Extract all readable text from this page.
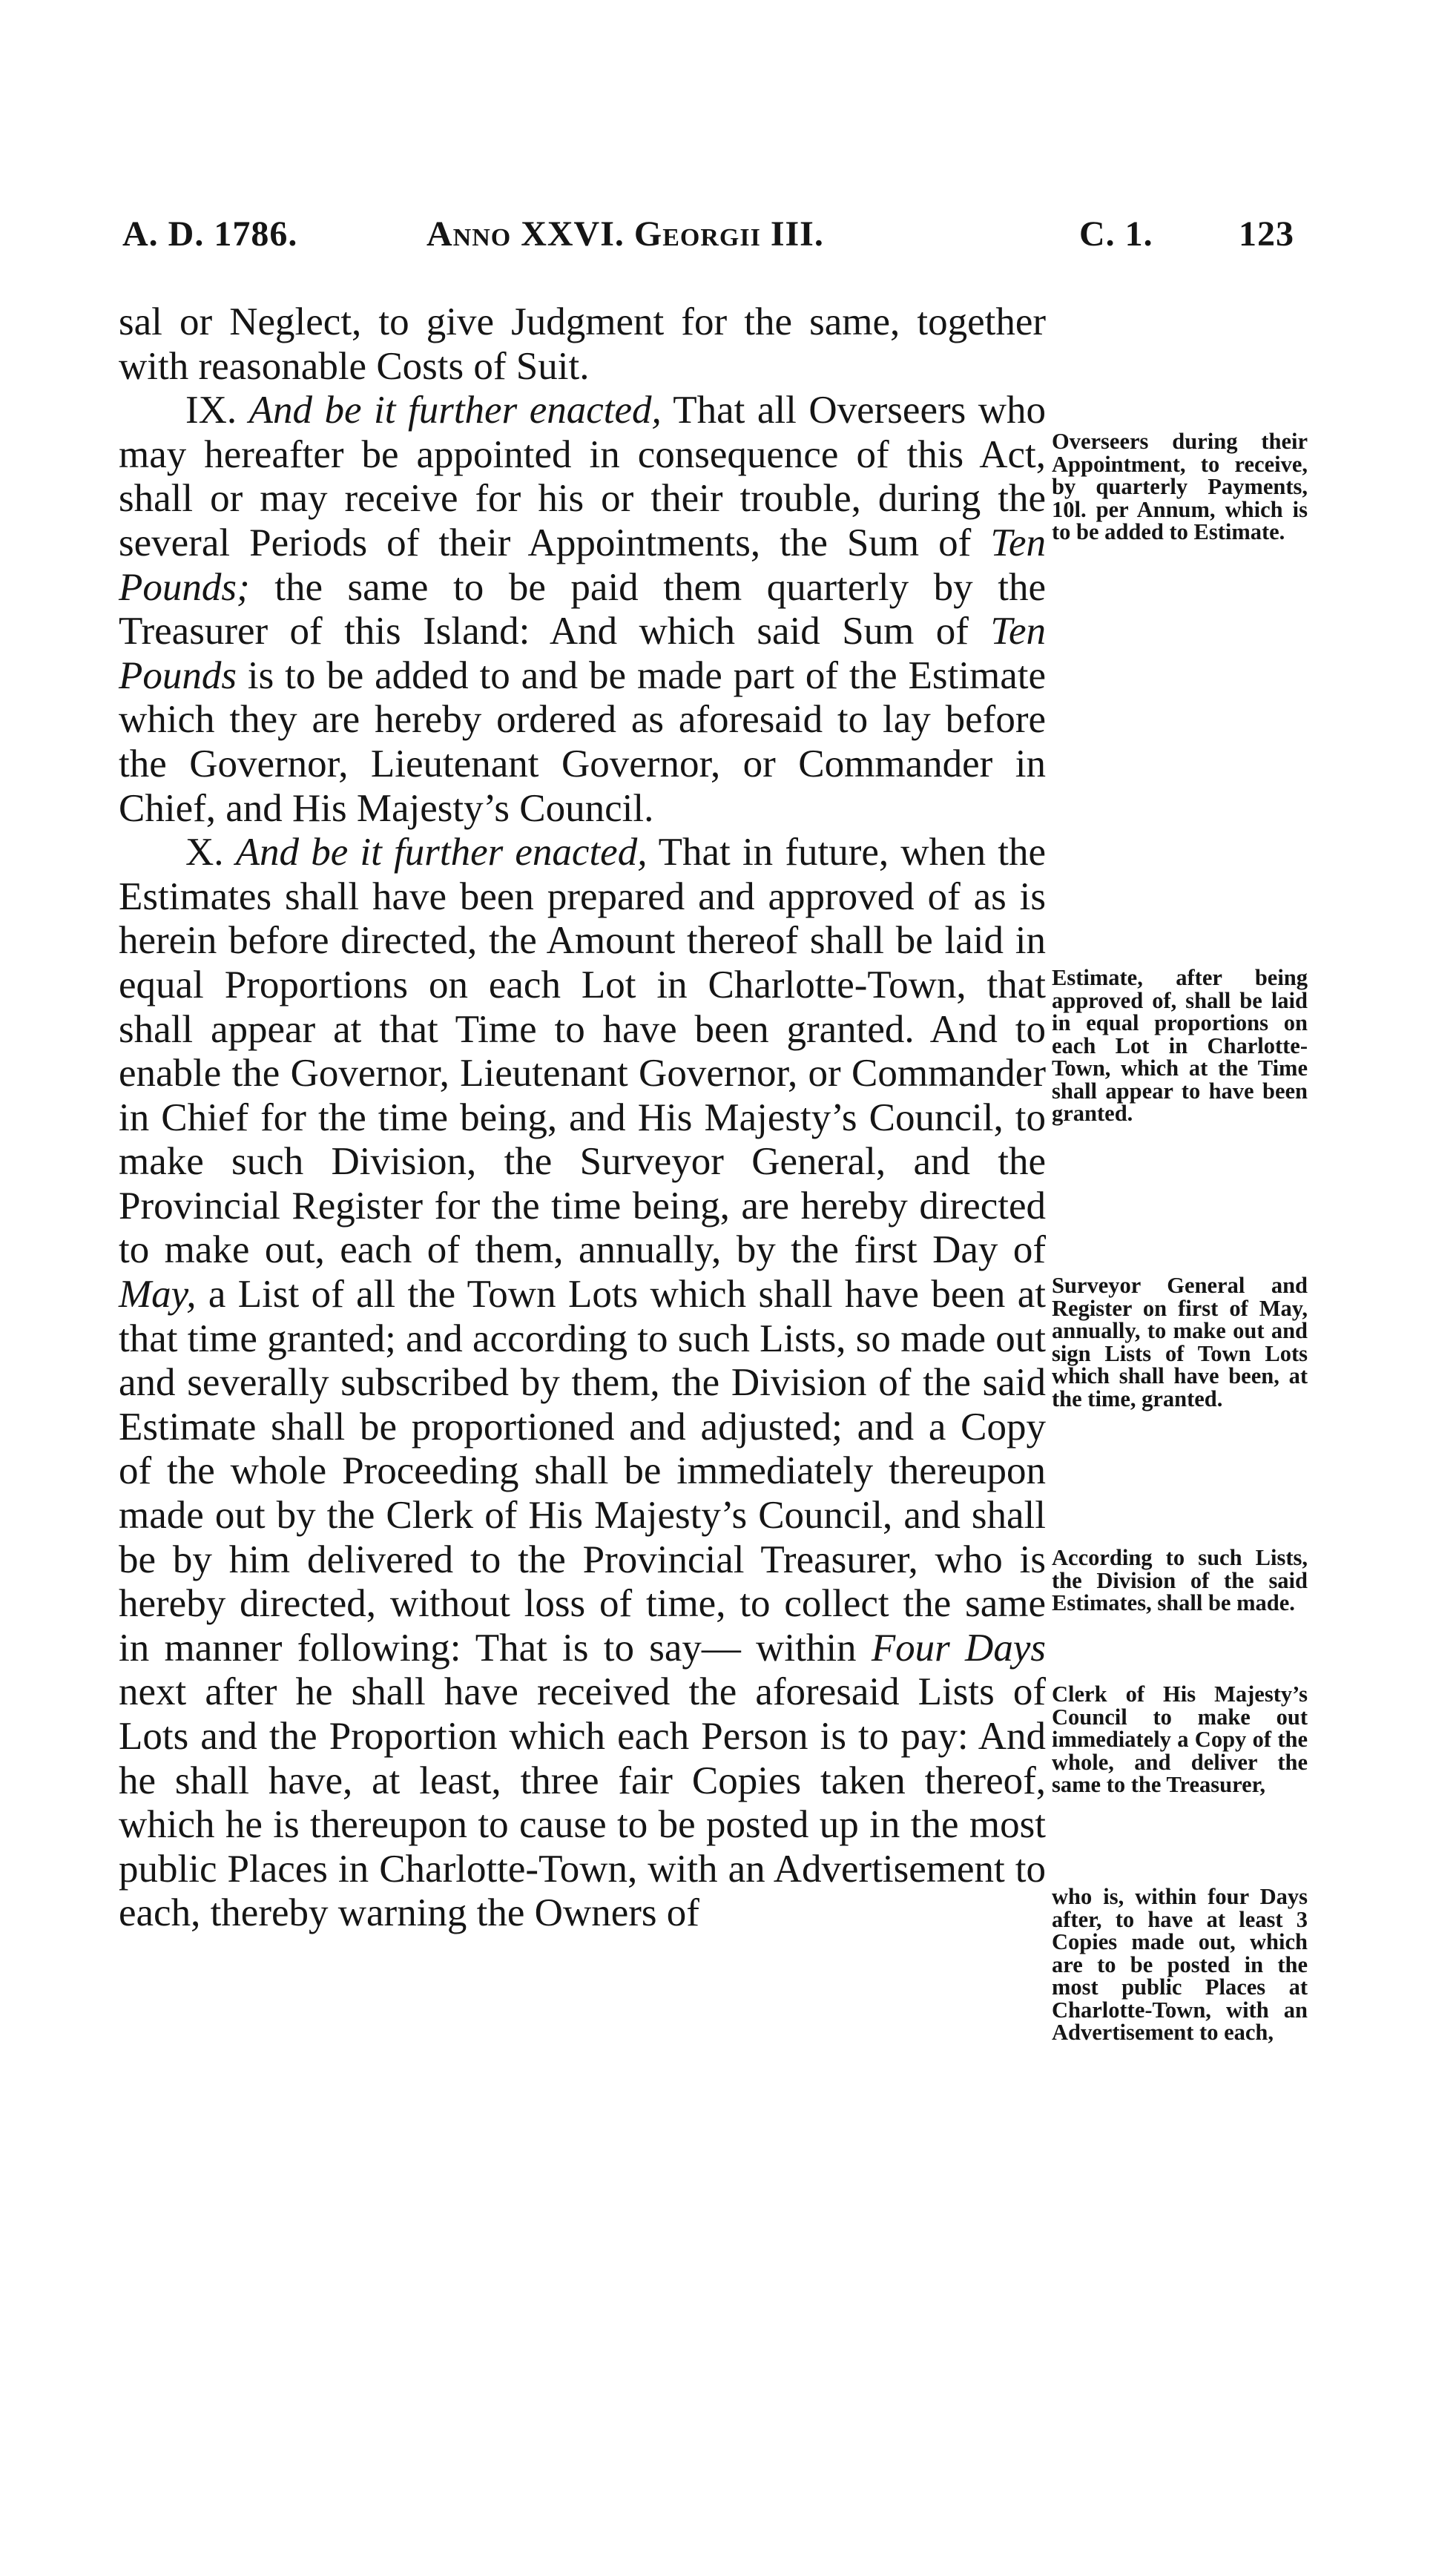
A. D. 1786.	Anno XXVI. Georgii III.	C. 1. 123

sal or Neglect, to give Judgment for the same, together with reasonable Costs of Suit.

IX. And be it further enacted, That all Overseers who may hereafter be appointed in consequence of this Act, shall or may receive for his or their trouble, during the several Periods of their Appointments, the Sum of Ten Pounds; the same to be paid them quarterly by the Treasurer of this Island: And which said Sum of Ten Pounds is to be added to and be made part of the Estimate which they are hereby ordered as aforesaid to lay before the Governor, Lieutenant Governor, or Commander in Chief, and His Majesty’s Council.

X. And be it further enacted, That in future, when the Estimates shall have been prepared and approved of as is herein before directed, the Amount thereof shall be laid in equal Proportions on each Lot in Charlotte-Town, that shall appear at that Time to have been granted. And to enable the Governor, Lieutenant Governor, or Commander in Chief for the time being, and His Majesty’s Council, to make such Division, the Surveyor General, and the Provincial Register for the time being, are hereby directed to make out, each of them, annually, by the first Day of May, a List of all the Town Lots which shall have been at that time granted; and according to such Lists, so made out and severally subscribed by them, the Division of the said Estimate shall be proportioned and adjusted; and a Copy of the whole Proceeding shall be immediately thereupon made out by the Clerk of His Majesty’s Council, and shall be by him delivered to the Provincial Treasurer, who is hereby directed, without loss of time, to collect the same in manner following: That is to say— within Four Days next after he shall have received the aforesaid Lists of Lots and the Proportion which each Person is to pay: And he shall have, at least, three fair Copies taken thereof, which he is thereupon to cause to be posted up in the most public Places in Charlotte-Town, with an Advertisement to each, thereby warning the Owners of

Overseers during their Appointment, to receive, by quarterly Payments, 10l. per Annum, which is to be added to Estimate.
Estimate, after being approved of, shall be laid in equal proportions on each Lot in Charlotte-Town, which at the Time shall appear to have been granted.
Surveyor General and Register on first of May, annually, to make out and sign Lists of Town Lots which shall have been, at the time, granted.
According to such Lists, the Division of the said Estimates, shall be made.
Clerk of His Majesty’s Council to make out immediately a Copy of the whole, and deliver the same to the Treasurer,
who is, within four Days after, to have at least 3 Copies made out, which are to be posted in the most public Places at Charlotte-Town, with an Advertisement to each,
